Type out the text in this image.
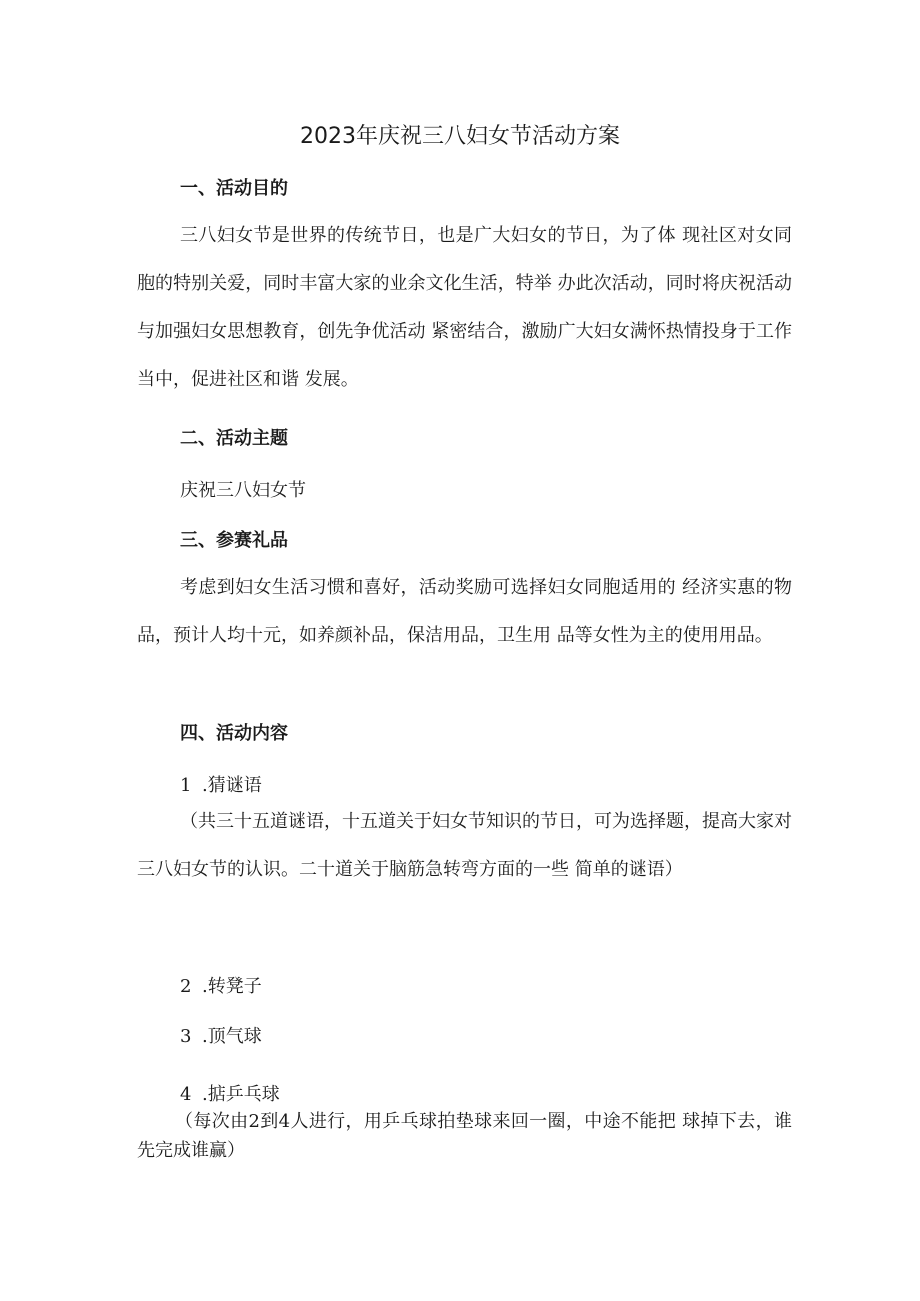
2023年庆祝三八妇女节活动方案
一、活动目的

三八妇女节是世界的传统节日，也是广大妇女的节日，为了体 现社区对女同胞的特别关爱，同时丰富大家的业余文化生活，特举 办此次活动，同时将庆祝活动与加强妇女思想教育，创先争优活动 紧密结合，激励广大妇女满怀热情投身于工作当中，促进社区和谐 发展。

二、活动主题
庆祝三八妇女节
三、参赛礼品

考虑到妇女生活习惯和喜好，活动奖励可选择妇女同胞适用的 经济实惠的物品，预计人均十元，如养颜补品，保洁用品，卫生用 品等女性为主的使用用品。

四、活动内容
1 .猜谜语

（共三十五道谜语，十五道关于妇女节知识的节日，可为选择题，提高大家对三八妇女节的认识。二十道关于脑筋急转弯方面的一些 简单的谜语）

2 .转凳子
3 .顶气球
4 .掂乒乓球

（每次由2到4人进行，用乒乓球拍垫球来回一圈，中途不能把 球掉下去，谁先完成谁赢）
